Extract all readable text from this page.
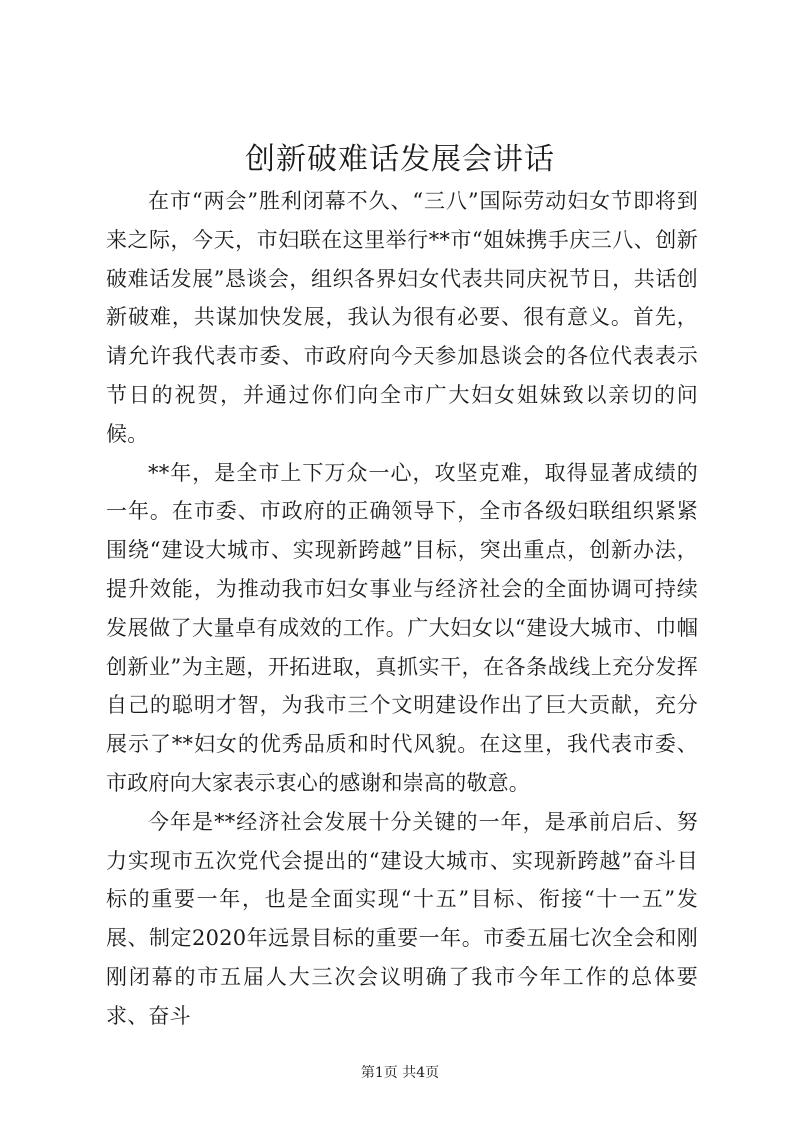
创新破难话发展会讲话

在市“两会”胜利闭幕不久、“三八”国际劳动妇女节即将到来之际，今天，市妇联在这里举行**市“姐妹携手庆三八、创新破难话发展”恳谈会，组织各界妇女代表共同庆祝节日，共话创新破难，共谋加快发展，我认为很有必要、很有意义。首先，请允许我代表市委、市政府向今天参加恳谈会的各位代表表示节日的祝贺，并通过你们向全市广大妇女姐妹致以亲切的问候。

**年，是全市上下万众一心，攻坚克难，取得显著成绩的一年。在市委、市政府的正确领导下，全市各级妇联组织紧紧围绕“建设大城市、实现新跨越”目标，突出重点，创新办法，提升效能，为推动我市妇女事业与经济社会的全面协调可持续发展做了大量卓有成效的工作。广大妇女以“建设大城市、巾帼创新业”为主题，开拓进取，真抓实干，在各条战线上充分发挥自己的聪明才智，为我市三个文明建设作出了巨大贡献，充分展示了**妇女的优秀品质和时代风貌。在这里，我代表市委、市政府向大家表示衷心的感谢和崇高的敬意。

今年是**经济社会发展十分关键的一年，是承前启后、努力实现市五次党代会提出的“建设大城市、实现新跨越”奋斗目标的重要一年，也是全面实现“十五”目标、衔接“十一五”发展、制定2020年远景目标的重要一年。市委五届七次全会和刚刚闭幕的市五届人大三次会议明确了我市今年工作的总体要求、奋斗

第1页 共4页
